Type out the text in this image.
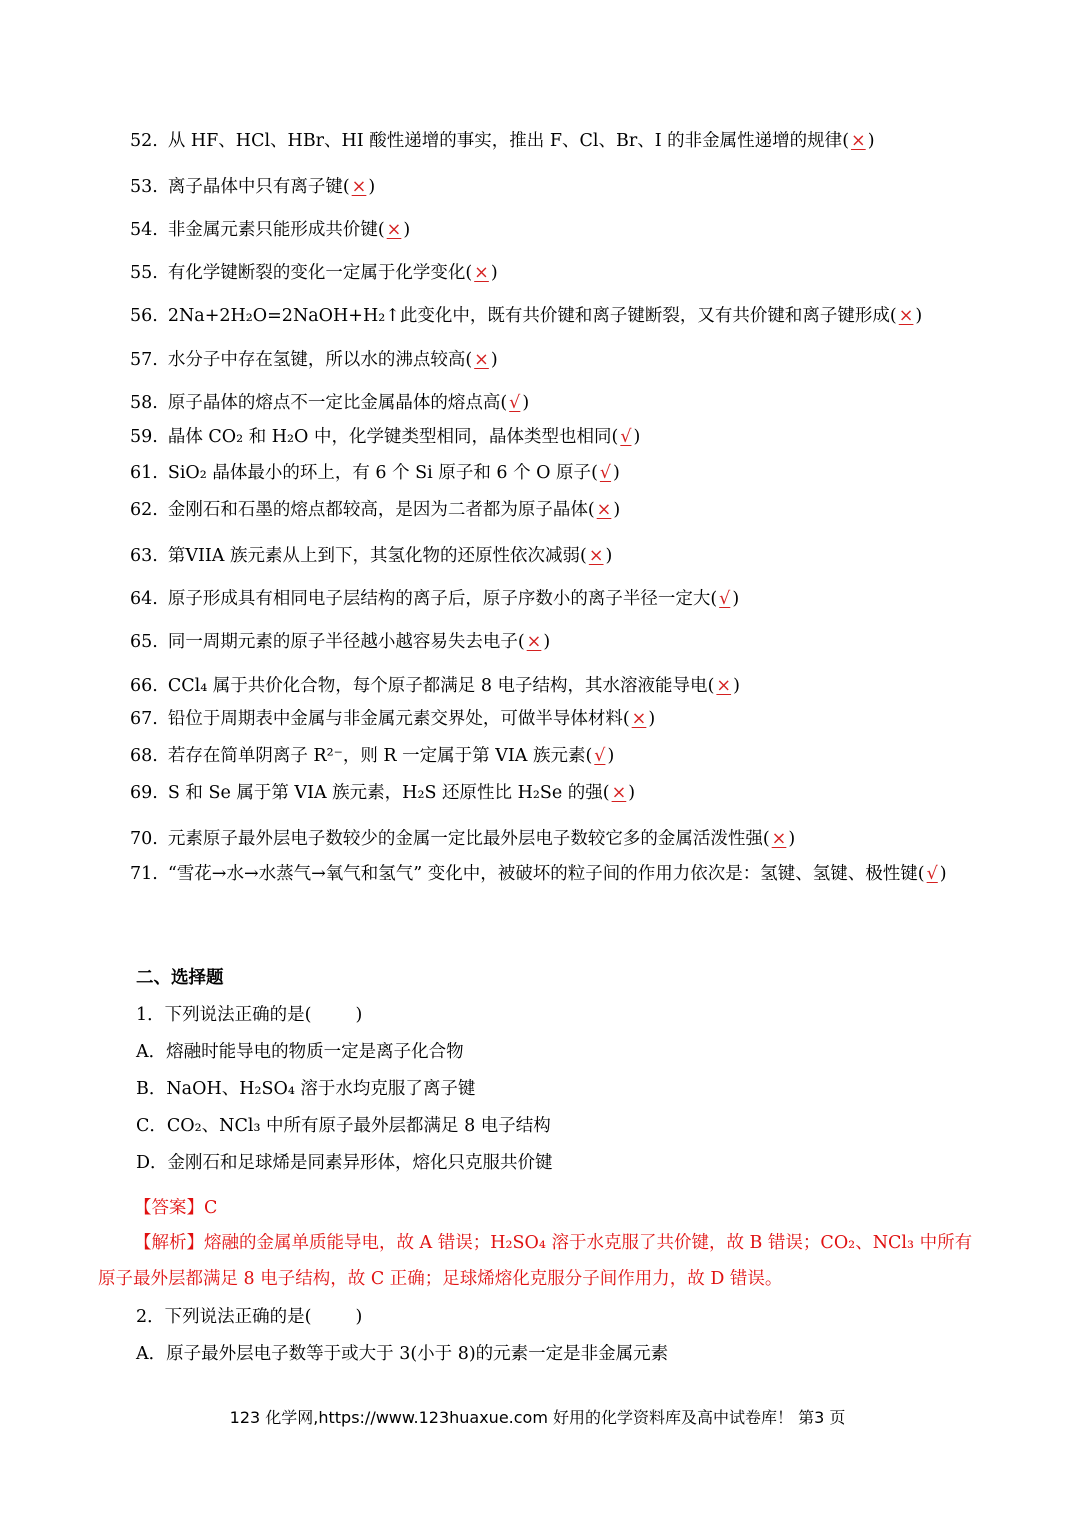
52. 从 HF、HCl、HBr、HI 酸性递增的事实，推出 F、Cl、Br、I 的非金属性递增的规律( × )
53. 离子晶体中只有离子键( × )
54. 非金属元素只能形成共价键( × )
55. 有化学键断裂的变化一定属于化学变化( × )
56. 2Na+2H₂O=2NaOH+H₂↑此变化中，既有共价键和离子键断裂，又有共价键和离子键形成( × )
57. 水分子中存在氢键，所以水的沸点较高( × )
58. 原子晶体的熔点不一定比金属晶体的熔点高( √ )
59. 晶体 CO₂ 和 H₂O 中，化学键类型相同，晶体类型也相同( √ )
61. SiO₂ 晶体最小的环上，有 6 个 Si 原子和 6 个 O 原子( √ )
62. 金刚石和石墨的熔点都较高，是因为二者都为原子晶体( × )
63. 第VIIA 族元素从上到下，其氢化物的还原性依次减弱( × )
64. 原子形成具有相同电子层结构的离子后，原子序数小的离子半径一定大( √ )
65. 同一周期元素的原子半径越小越容易失去电子( × )
66. CCl₄ 属于共价化合物，每个原子都满足 8 电子结构，其水溶液能导电( × )
67. 铅位于周期表中金属与非金属元素交界处，可做半导体材料( × )
68. 若存在简单阴离子 R²⁻，则 R 一定属于第 VIA 族元素( √ )
69. S 和 Se 属于第 VIA 族元素，H₂S 还原性比 H₂Se 的强( × )
70. 元素原子最外层电子数较少的金属一定比最外层电子数较它多的金属活泼性强( × )
71. “雪花→水→水蒸气→氧气和氢气” 变化中，被破坏的粒子间的作用力依次是：氢键、氢键、极性键( √ )
二、选择题
1．下列说法正确的是(	)
A．熔融时能导电的物质一定是离子化合物
B．NaOH、H₂SO₄ 溶于水均克服了离子键
C．CO₂、NCl₃ 中所有原子最外层都满足 8 电子结构
D．金刚石和足球烯是同素异形体，熔化只克服共价键
【答案】C
【解析】熔融的金属单质能导电，故 A 错误；H₂SO₄ 溶于水克服了共价键，故 B 错误；CO₂、NCl₃ 中所有原子最外层都满足 8 电子结构，故 C 正确；足球烯熔化克服分子间作用力，故 D 错误。
2．下列说法正确的是(	)
A．原子最外层电子数等于或大于 3(小于 8)的元素一定是非金属元素
123 化学网,https://www.123huaxue.com 好用的化学资料库及高中试卷库！ 第3 页
